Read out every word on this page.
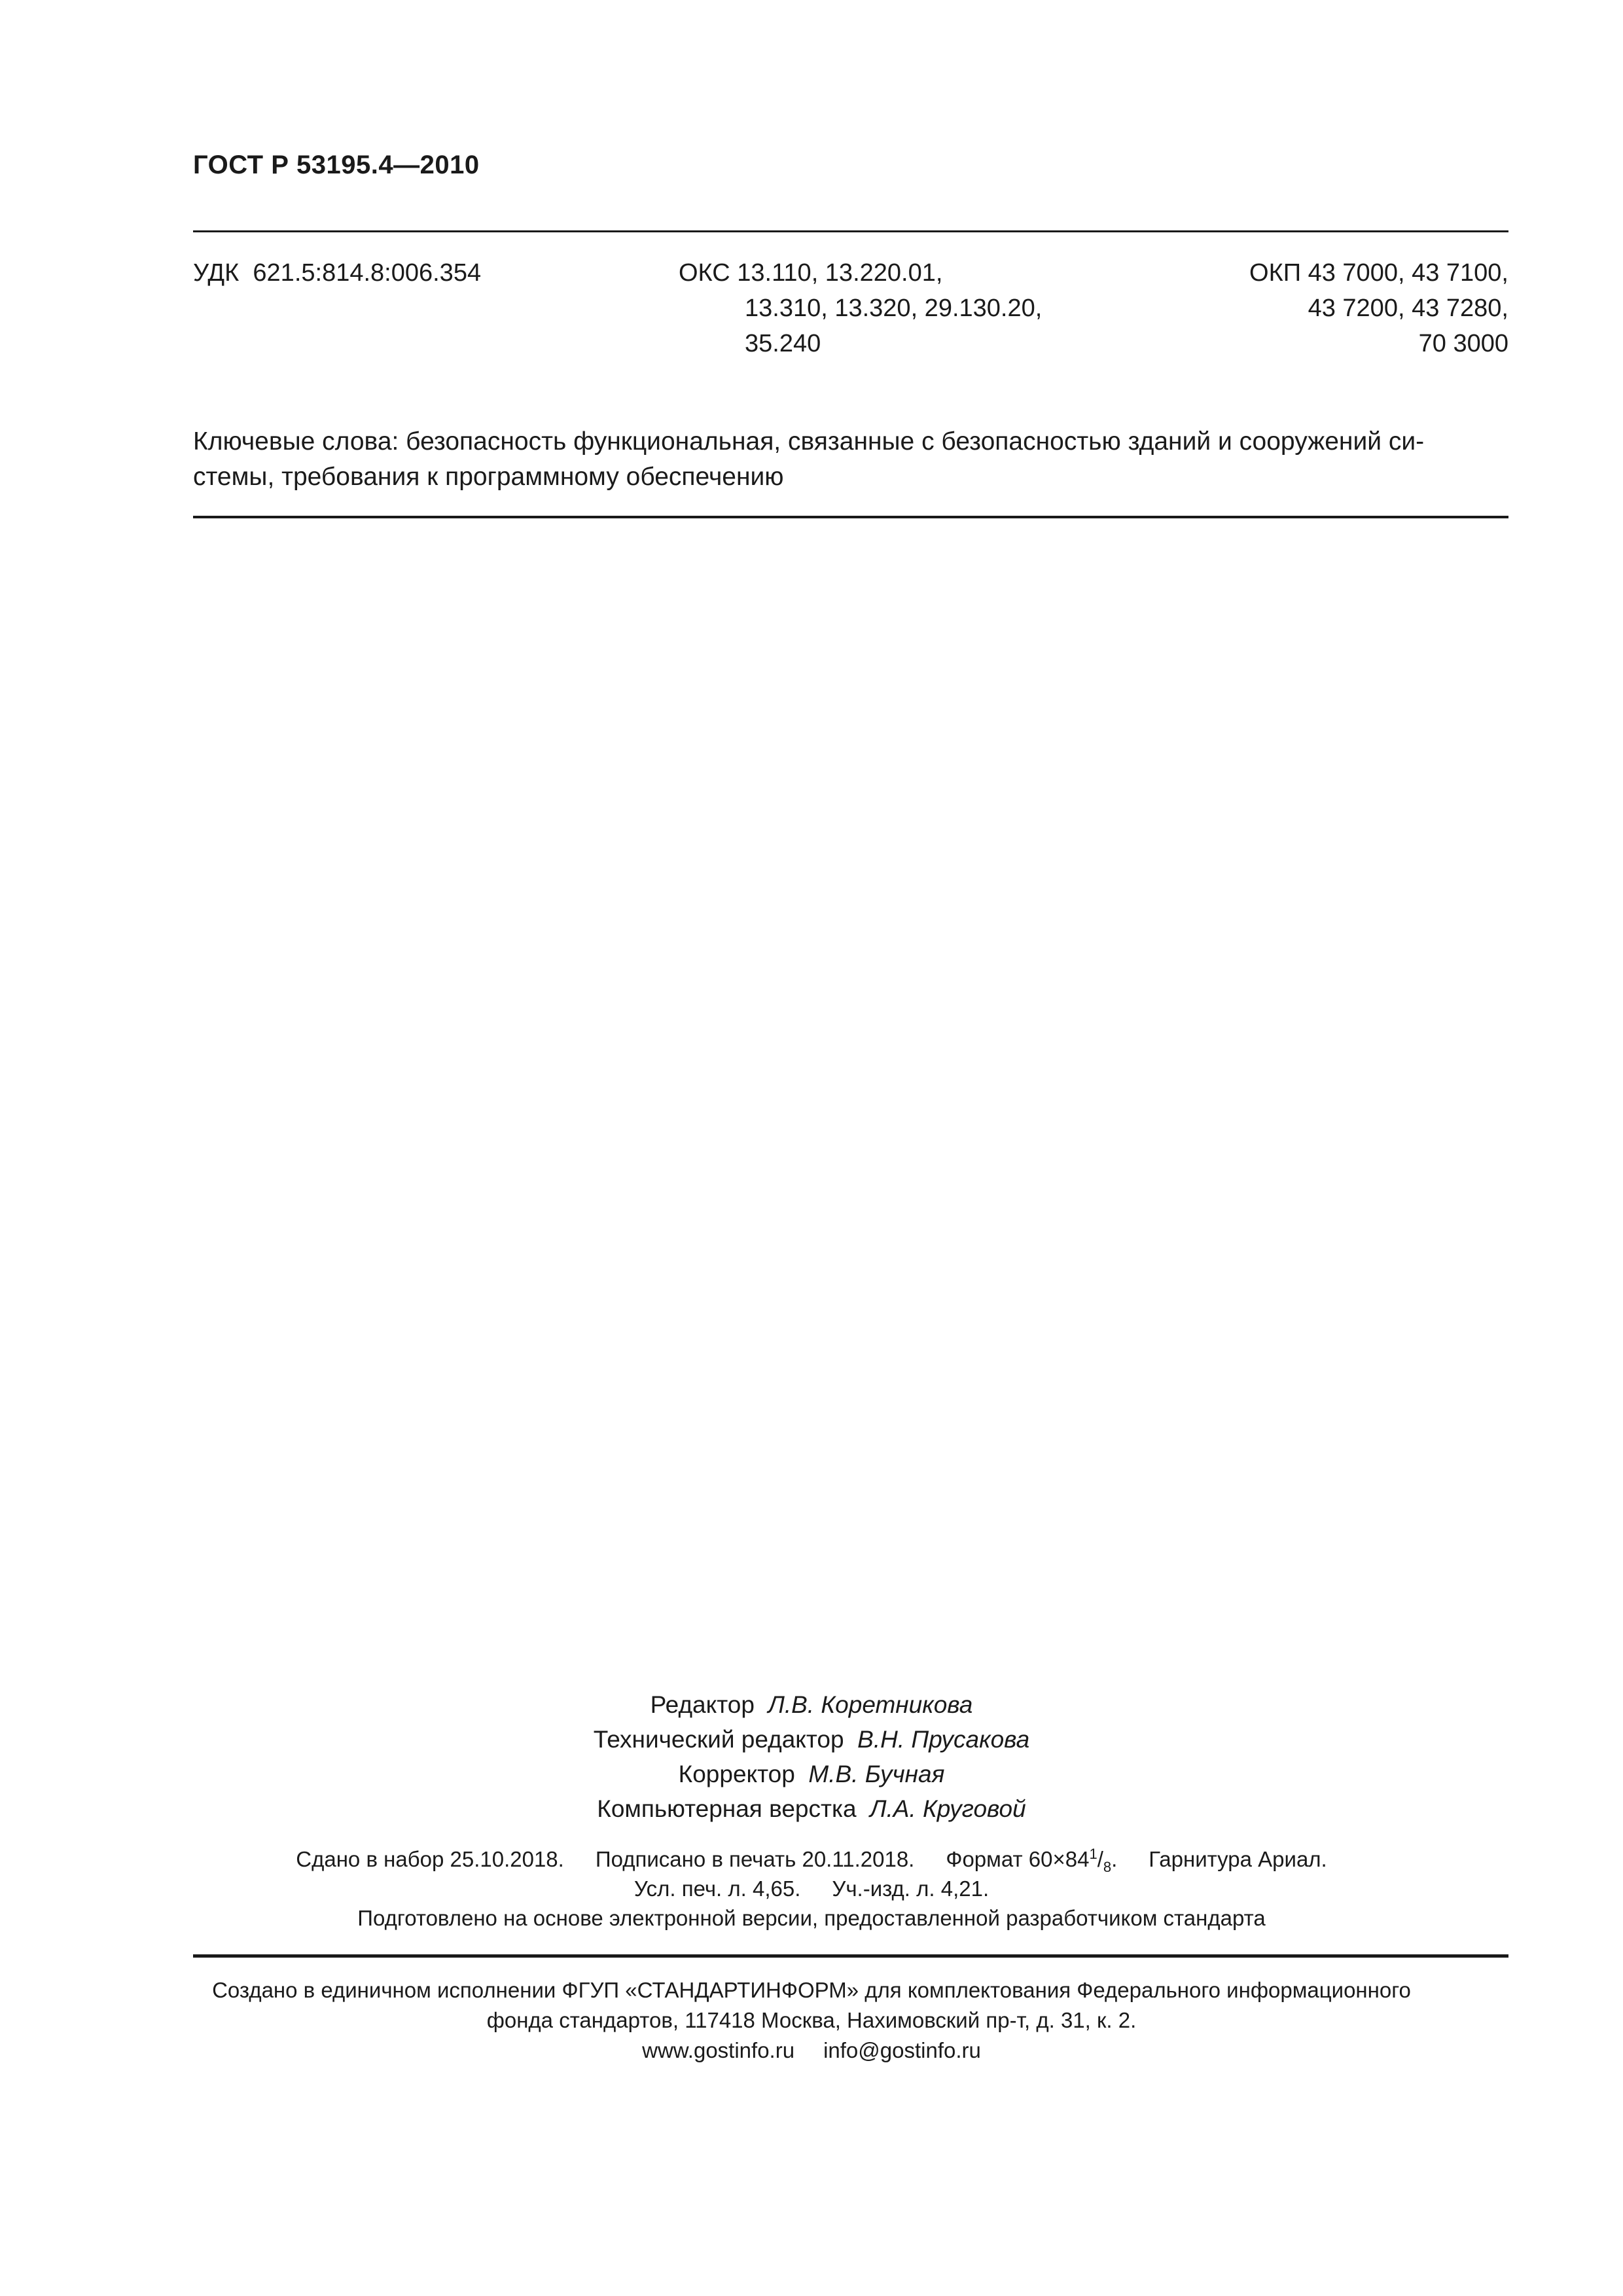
ГОСТ Р 53195.4—2010
УДК  621.5:814.8:006.354	ОКС 13.110, 13.220.01,
13.310, 13.320, 29.130.20,
35.240
ОКП 43 7000, 43 7100,
43 7200, 43 7280,
70 3000
Ключевые слова: безопасность функциональная, связанные с безопасностью зданий и сооружений си-
стемы, требования к программному обеспечению
Редактор Л.В. Коретникова
Технический редактор В.Н. Прусакова
Корректор М.В. Бучная
Компьютерная верстка Л.А. Круговой
Сдано в набор 25.10.2018. Подписано в печать 20.11.2018. Формат $60\times 84^1/_8$. Гарнитура Ариал.
Усл. печ. л. 4,65. Уч.-изд. л. 4,21.
Подготовлено на основе электронной версии, предоставленной разработчиком стандарта
Создано в единичном исполнении ФГУП «СТАНДАРТИНФОРМ» для комплектования Федерального информационного
фонда стандартов, 117418 Москва, Нахимовский пр-т, д. 31, к. 2.
www.gostinfo.ru info@gostinfo.ru
